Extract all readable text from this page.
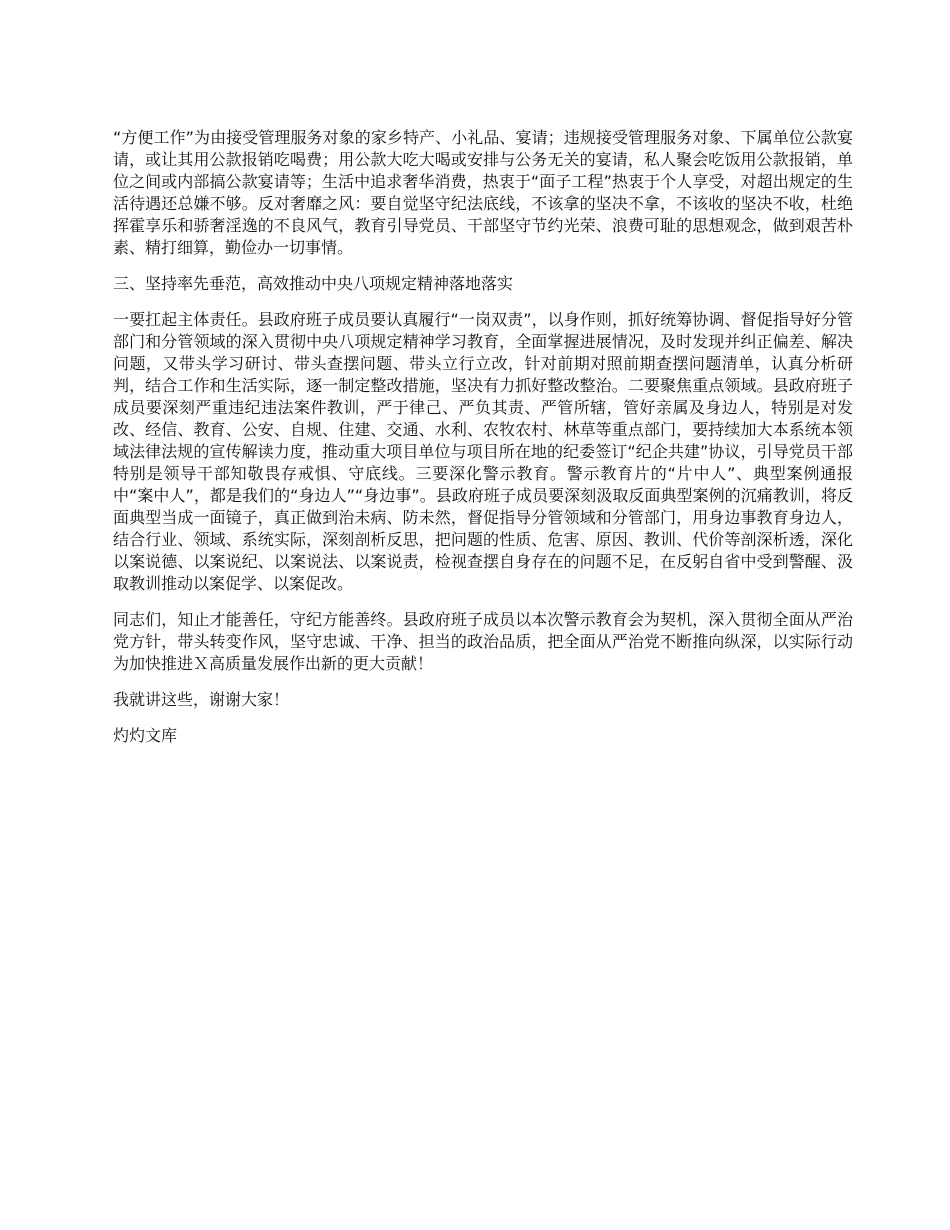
“方便工作”为由接受管理服务对象的家乡特产、小礼品、宴请；违规接受管理服务对象、下属单位公款宴请，或让其用公款报销吃喝费；用公款大吃大喝或安排与公务无关的宴请，私人聚会吃饭用公款报销，单位之间或内部搞公款宴请等；生活中追求奢华消费，热衷于“面子工程”热衷于个人享受，对超出规定的生活待遇还总嫌不够。反对奢靡之风：要自觉坚守纪法底线，不该拿的坚决不拿，不该收的坚决不收，杜绝挥霍享乐和骄奢淫逸的不良风气，教育引导党员、干部坚守节约光荣、浪费可耻的思想观念，做到艰苦朴素、精打细算，勤俭办一切事情。

三、坚持率先垂范，高效推动中央八项规定精神落地落实

一要扛起主体责任。县政府班子成员要认真履行“一岗双责”，以身作则，抓好统筹协调、督促指导好分管部门和分管领域的深入贯彻中央八项规定精神学习教育，全面掌握进展情况，及时发现并纠正偏差、解决问题，又带头学习研讨、带头查摆问题、带头立行立改，针对前期对照前期查摆问题清单，认真分析研判，结合工作和生活实际，逐一制定整改措施，坚决有力抓好整改整治。二要聚焦重点领域。县政府班子成员要深刻严重违纪违法案件教训，严于律己、严负其责、严管所辖，管好亲属及身边人，特别是对发改、经信、教育、公安、自规、住建、交通、水利、农牧农村、林草等重点部门，要持续加大本系统本领域法律法规的宣传解读力度，推动重大项目单位与项目所在地的纪委签订“纪企共建”协议，引导党员干部特别是领导干部知敬畏存戒惧、守底线。三要深化警示教育。警示教育片的“片中人”、典型案例通报中“案中人”，都是我们的“身边人”“身边事”。县政府班子成员要深刻汲取反面典型案例的沉痛教训，将反面典型当成一面镜子，真正做到治未病、防未然，督促指导分管领域和分管部门，用身边事教育身边人，结合行业、领域、系统实际，深刻剖析反思，把问题的性质、危害、原因、教训、代价等剖深析透，深化以案说德、以案说纪、以案说法、以案说责，检视查摆自身存在的问题不足，在反躬自省中受到警醒、汲取教训推动以案促学、以案促改。

同志们，知止才能善任，守纪方能善终。县政府班子成员以本次警示教育会为契机，深入贯彻全面从严治党方针，带头转变作风，坚守忠诚、干净、担当的政治品质，把全面从严治党不断推向纵深，以实际行动为加快推进Ｘ高质量发展作出新的更大贡献！

我就讲这些，谢谢大家！

灼灼文库
